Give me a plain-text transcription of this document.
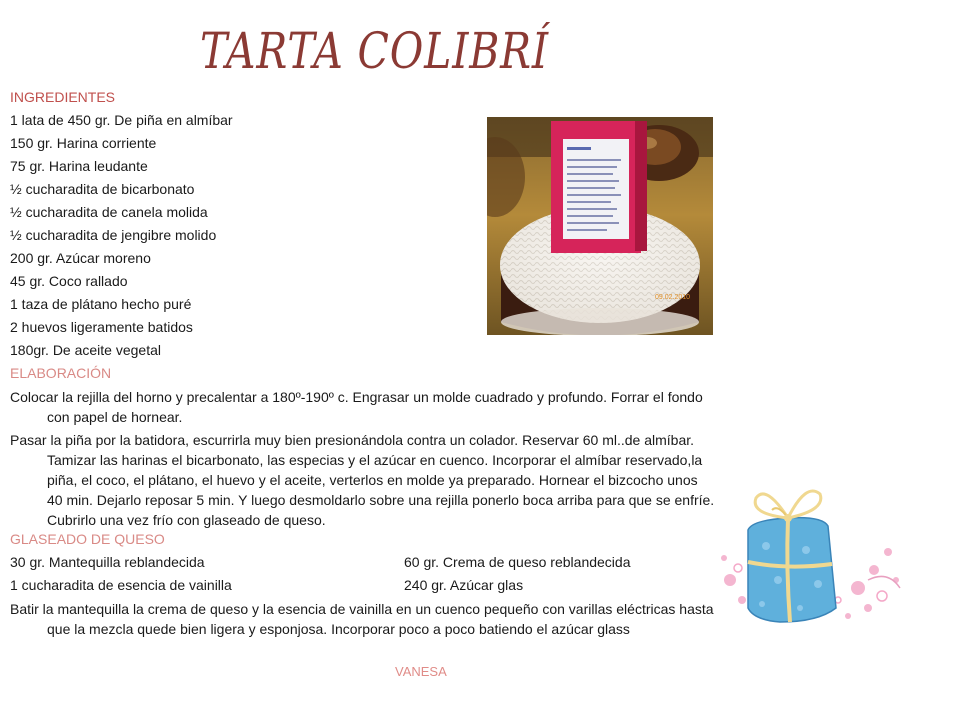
TARTA COLIBRÍ
INGREDIENTES
1 lata de 450 gr. De piña en almíbar
150 gr. Harina corriente
75 gr. Harina leudante
½ cucharadita de bicarbonato
½ cucharadita de canela molida
½ cucharadita de jengibre molido
200 gr. Azúcar moreno
45 gr. Coco rallado
1 taza de plátano hecho puré
2 huevos ligeramente batidos
180gr. De aceite vegetal
ELABORACIÓN
Colocar la rejilla del horno y precalentar a 180º-190º c. Engrasar un molde cuadrado y profundo. Forrar el fondo con papel de hornear.
Pasar la piña por la batidora, escurrirla muy bien presionándola contra un colador. Reservar 60 ml..de almíbar. Tamizar las harinas el bicarbonato, las especias y el azúcar en cuenco. Incorporar el almíbar reservado,la piña, el coco, el plátano, el huevo y el aceite, verterlos en molde ya preparado. Hornear el bizcocho unos 40 min. Dejarlo reposar 5 min. Y luego desmoldarlo sobre una rejilla ponerlo boca arriba para que se enfríe. Cubrirlo una vez frío con glaseado de queso.
GLASEADO DE QUESO
30 gr. Mantequilla reblandecida	60 gr. Crema de queso reblandecida
1 cucharadita de esencia de vainilla	240 gr. Azúcar glas
Batir la mantequilla la crema de queso y la esencia de vainilla en un cuenco pequeño con varillas eléctricas hasta que la mezcla quede bien ligera y esponjosa. Incorporar poco a poco batiendo el azúcar glass
VANESA
09.02.2010
